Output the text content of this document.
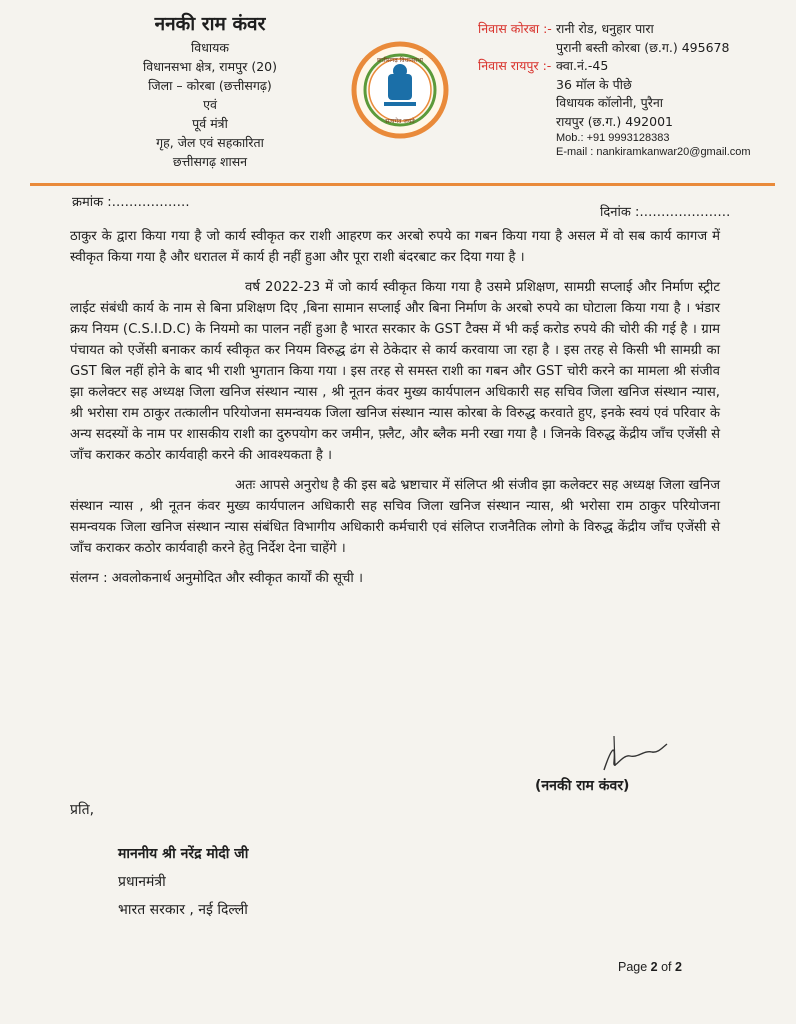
ननकी राम कंवर
विधायक
विधानसभा क्षेत्र, रामपुर (20)
जिला – कोरबा (छत्तीसगढ़)
एवं
पूर्व मंत्री
गृह, जेल एवं सहकारिता
छत्तीसगढ़ शासन
छत्तीसगढ़ विधानसभा
सत्यमेव जयते
निवास कोरबा :- रानी रोड, धनुहार पारा
पुरानी बस्ती कोरबा (छ.ग.) 495678
निवास रायपुर :- क्वा.नं.-45
36 मॉल के पीछे
विधायक कॉलोनी, पुरैना
रायपुर (छ.ग.) 492001
Mob.: +91 9993128383
E-mail : nankiramkanwar20@gmail.com
क्रमांक :………………
दिनांक :…………………

ठाकुर के द्वारा किया गया है जो कार्य स्वीकृत कर राशी आहरण कर अरबो रुपये का गबन किया गया है असल में वो सब कार्य कागज में स्वीकृत किया गया है और धरातल में कार्य ही नहीं हुआ और पूरा राशी बंदरबाट कर दिया गया है ।

वर्ष 2022-23 में जो कार्य स्वीकृत किया गया है उसमे प्रशिक्षण, सामग्री सप्लाई और निर्माण स्ट्रीट लाईट संबंधी कार्य के नाम से बिना प्रशिक्षण दिए ,बिना सामान सप्लाई और बिना निर्माण के अरबो रुपये का घोटाला किया गया है । भंडार क्रय नियम (C.S.I.D.C) के नियमो का पालन नहीं हुआ है भारत सरकार के GST टैक्स में भी कई करोड रुपये की चोरी की गई है । ग्राम पंचायत को एजेंसी बनाकर कार्य स्वीकृत कर नियम विरुद्ध ढंग से ठेकेदार से कार्य करवाया जा रहा है । इस तरह से किसी भी सामग्री का GST बिल नहीं होने के बाद भी राशी भुगतान किया गया । इस तरह से समस्त राशी का गबन और GST चोरी करने का मामला श्री संजीव झा कलेक्टर सह अध्यक्ष जिला खनिज संस्थान न्यास , श्री नूतन कंवर मुख्य कार्यपालन अधिकारी सह सचिव जिला खनिज संस्थान न्यास, श्री भरोसा राम ठाकुर तत्कालीन परियोजना समन्वयक जिला खनिज संस्थान न्यास कोरबा के विरुद्ध करवाते हुए, इनके स्वयं एवं परिवार के अन्य सदस्यों के नाम पर शासकीय राशी का दुरुपयोग कर जमीन, फ़्लैट, और ब्लैक मनी रखा गया है । जिनके विरुद्ध केंद्रीय जाँच एजेंसी से जाँच कराकर कठोर कार्यवाही करने की आवश्यकता है ।

अतः आपसे अनुरोध है की इस बढे भ्रष्टाचार में संलिप्त श्री संजीव झा कलेक्टर सह अध्यक्ष जिला खनिज संस्थान न्यास , श्री नूतन कंवर मुख्य कार्यपालन अधिकारी सह सचिव जिला खनिज संस्थान न्यास, श्री भरोसा राम ठाकुर परियोजना समन्वयक जिला खनिज संस्थान न्यास संबंधित विभागीय अधिकारी कर्मचारी एवं संलिप्त राजनैतिक लोगो के विरुद्ध केंद्रीय जाँच एजेंसी से जाँच कराकर कठोर कार्यवाही करने हेतु निर्देश देना चाहेंगे ।

संलग्न : अवलोकनार्थ अनुमोदित और स्वीकृत कार्यों की सूची ।

(ननकी राम कंवर)
प्रति,
माननीय श्री नरेंद्र मोदी जी
प्रधानमंत्री
भारत सरकार , नई दिल्ली
Page 2 of 2
